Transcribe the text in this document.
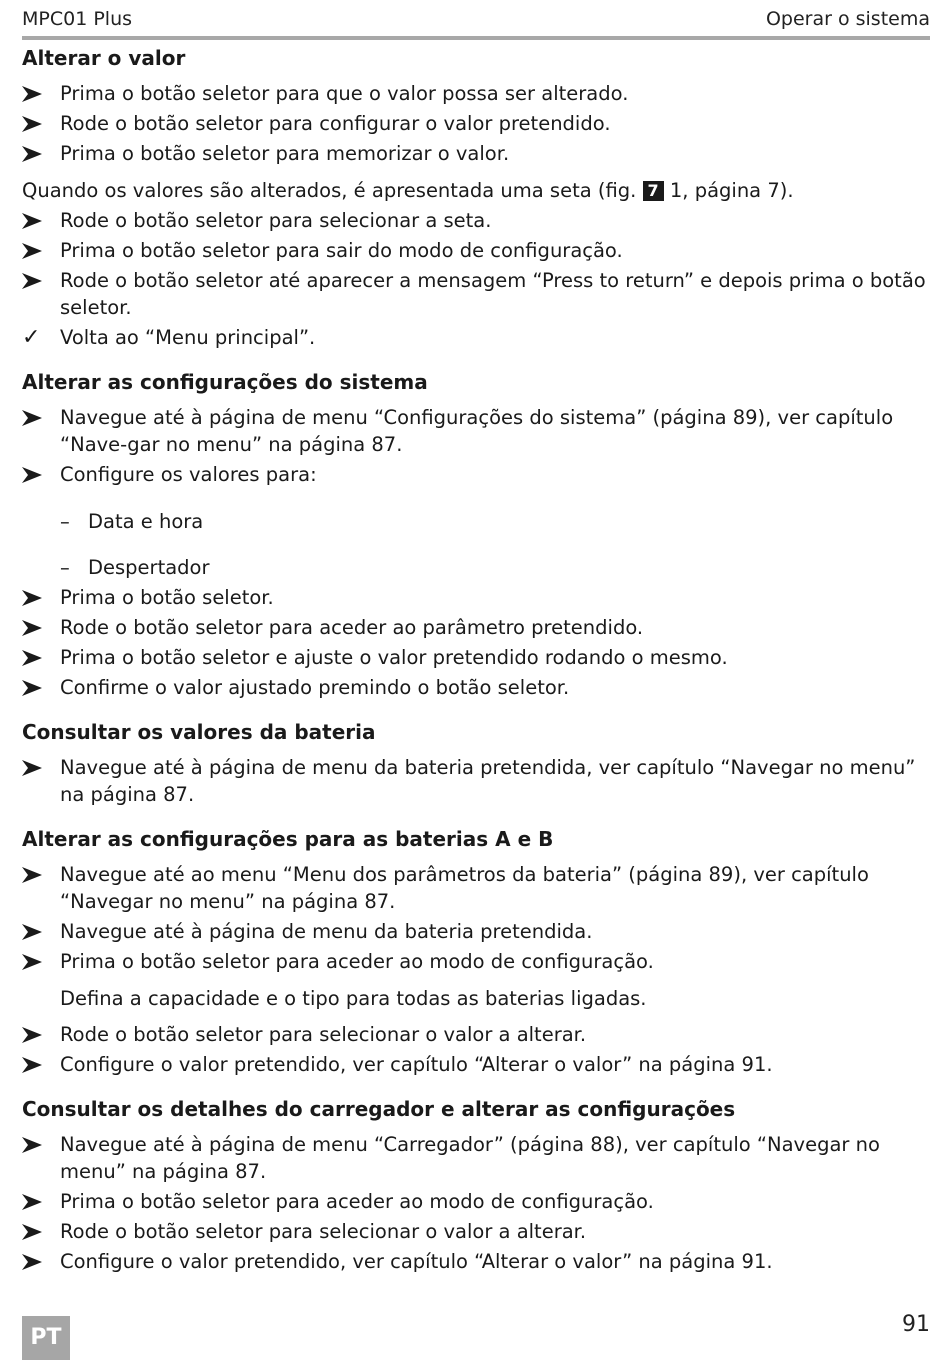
MPC01 Plus	Operar o sistema
Alterar o valor

Prima o botão seletor para que o valor possa ser alterado.

Rode o botão seletor para configurar o valor pretendido.

Prima o botão seletor para memorizar o valor.

Quando os valores são alterados, é apresentada uma seta (fig. 7 1, página 7).

Rode o botão seletor para selecionar a seta.

Prima o botão seletor para sair do modo de configuração.

Rode o botão seletor até aparecer a mensagem “Press to return” e depois prima o botão seletor.

✓	Volta ao “Menu principal”.

Alterar as configurações do sistema

Navegue até à página de menu “Configurações do sistema” (página 89), ver capítulo “Nave-gar no menu” na página 87.

Configure os valores para:

– Data e hora

– Despertador

Prima o botão seletor.

Rode o botão seletor para aceder ao parâmetro pretendido.

Prima o botão seletor e ajuste o valor pretendido rodando o mesmo.

Confirme o valor ajustado premindo o botão seletor.

Consultar os valores da bateria

Navegue até à página de menu da bateria pretendida, ver capítulo “Navegar no menu” na página 87.

Alterar as configurações para as baterias A e B

Navegue até ao menu “Menu dos parâmetros da bateria” (página 89), ver capítulo “Navegar no menu” na página 87.

Navegue até à página de menu da bateria pretendida.

Prima o botão seletor para aceder ao modo de configuração.

Defina a capacidade e o tipo para todas as baterias ligadas.

Rode o botão seletor para selecionar o valor a alterar.

Configure o valor pretendido, ver capítulo “Alterar o valor” na página 91.

Consultar os detalhes do carregador e alterar as configurações

Navegue até à página de menu “Carregador” (página 88), ver capítulo “Navegar no menu” na página 87.

Prima o botão seletor para aceder ao modo de configuração.

Rode o botão seletor para selecionar o valor a alterar.

Configure o valor pretendido, ver capítulo “Alterar o valor” na página 91.

PT
91
